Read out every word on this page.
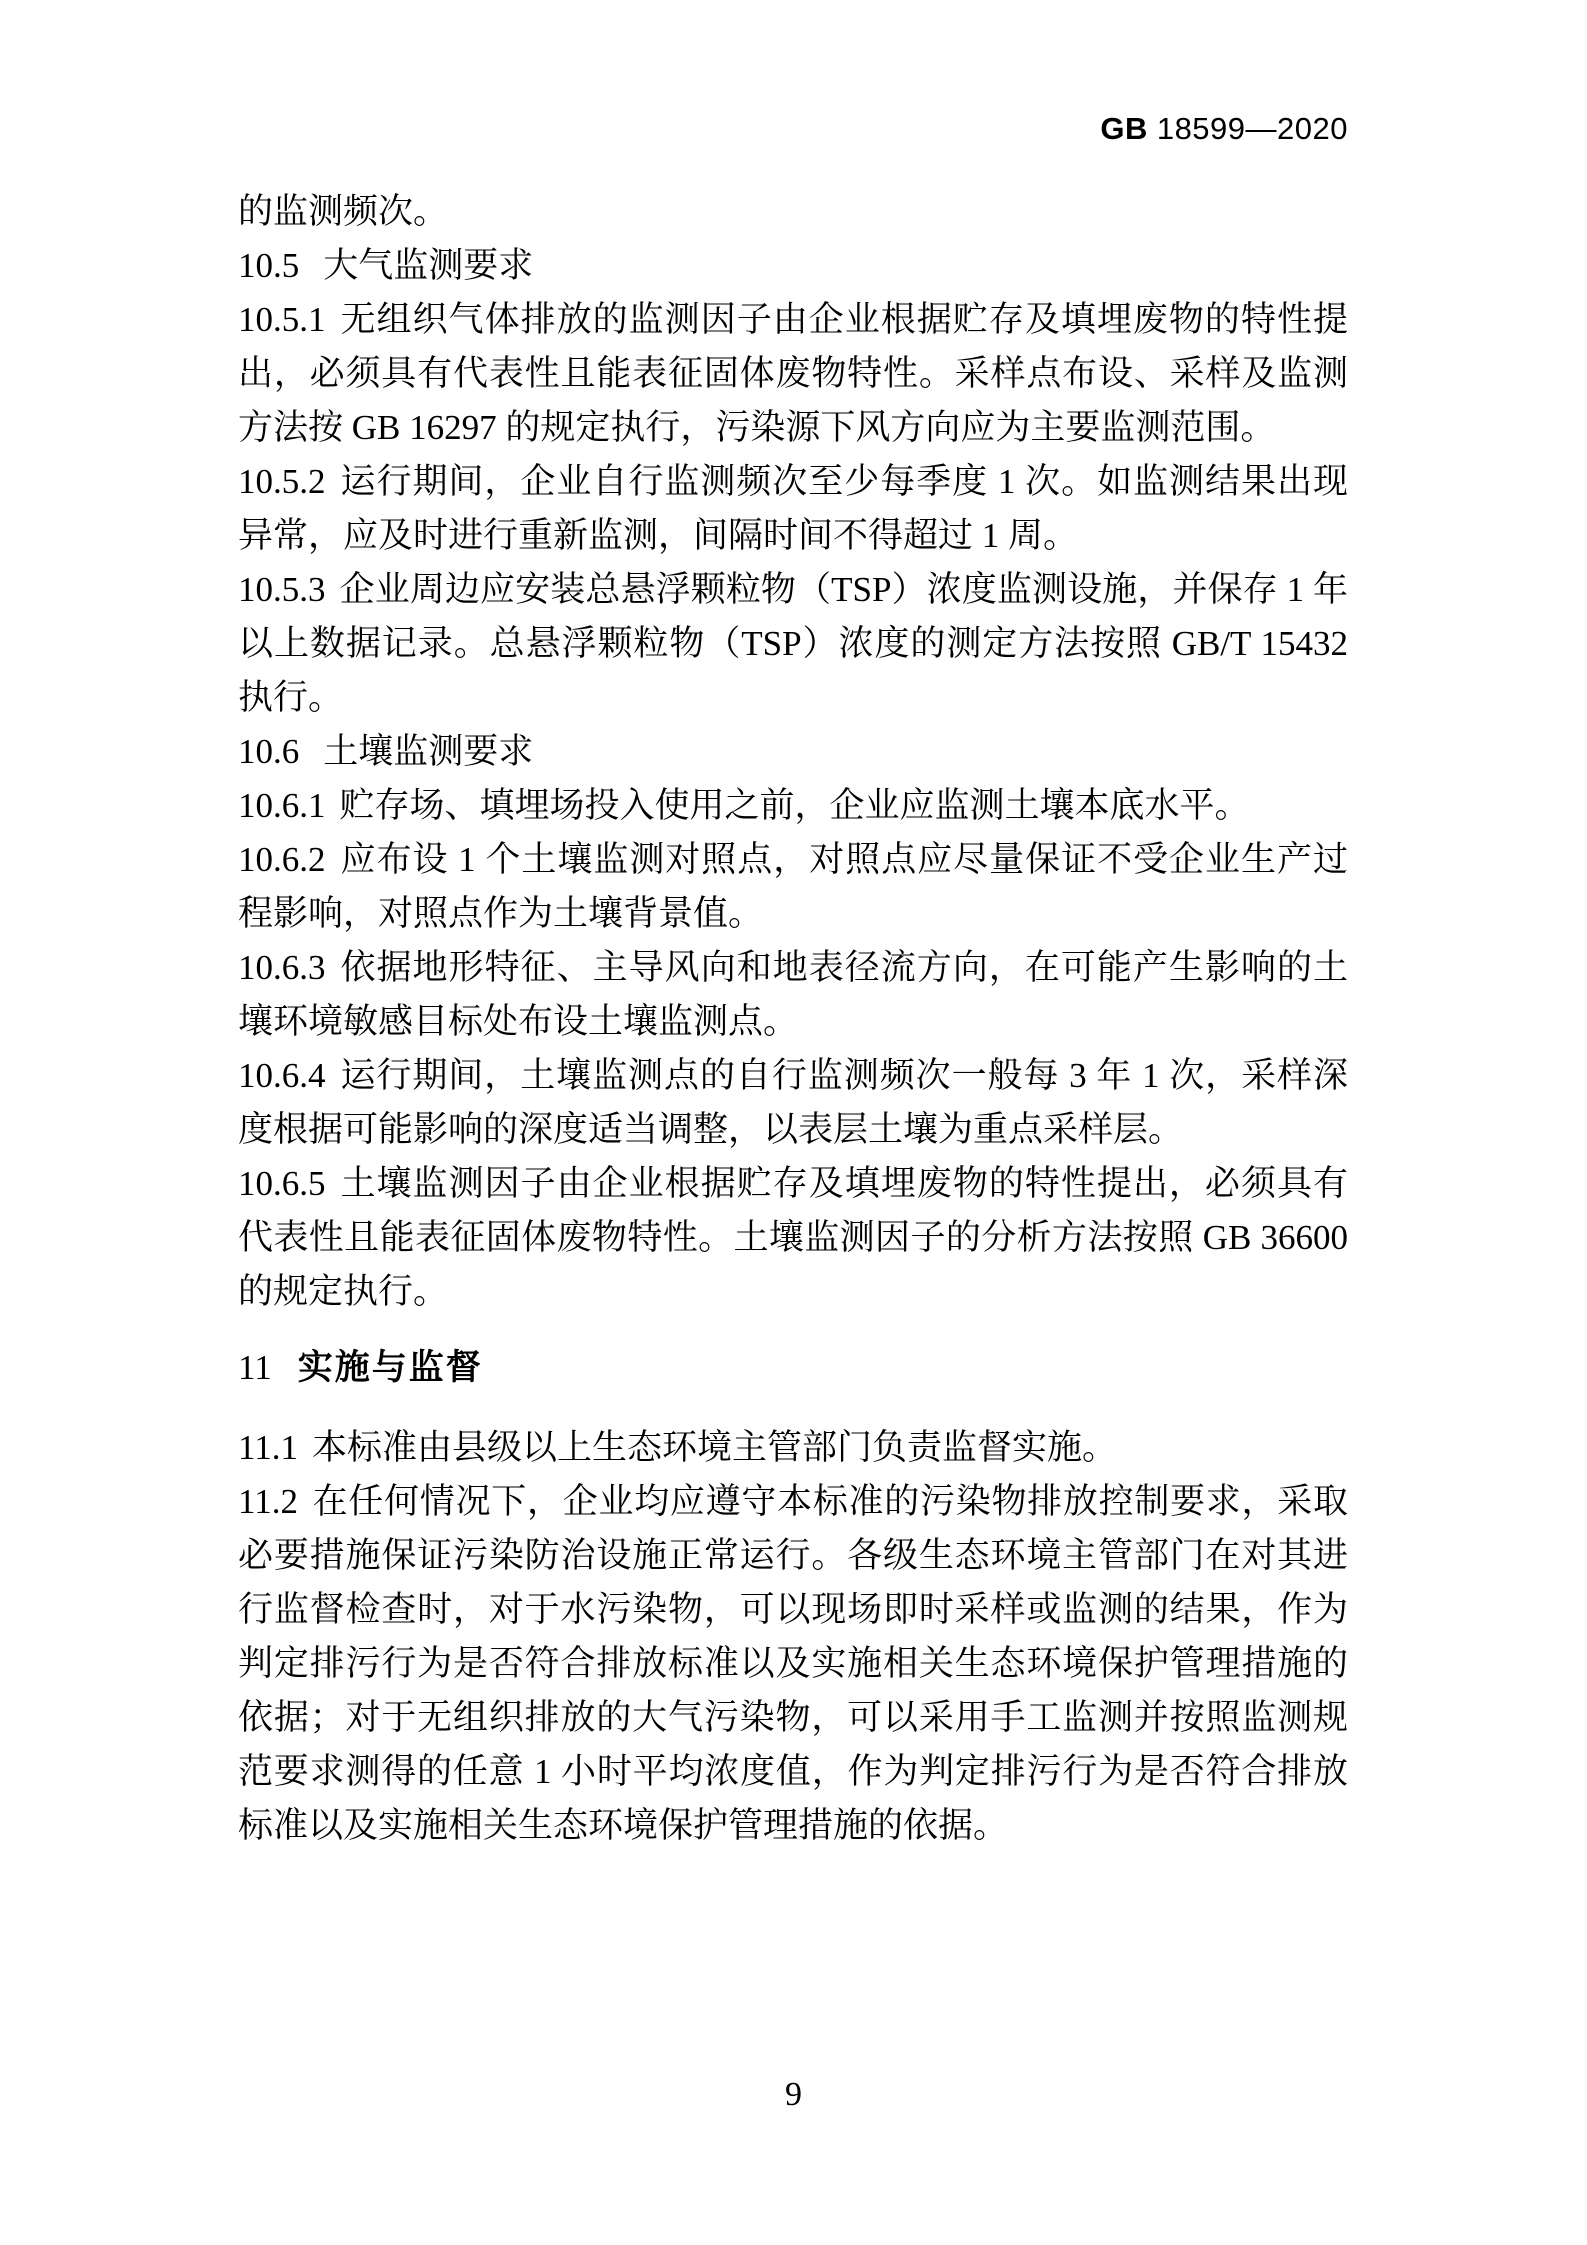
GB 18599—2020

的监测频次。

10.5 大气监测要求

10.5.1 无组织气体排放的监测因子由企业根据贮存及填埋废物的特性提出，必须具有代表性且能表征固体废物特性。采样点布设、采样及监测方法按 GB 16297 的规定执行，污染源下风方向应为主要监测范围。

10.5.2 运行期间，企业自行监测频次至少每季度 1 次。如监测结果出现异常，应及时进行重新监测，间隔时间不得超过 1 周。

10.5.3 企业周边应安装总悬浮颗粒物（TSP）浓度监测设施，并保存 1 年以上数据记录。总悬浮颗粒物（TSP）浓度的测定方法按照 GB/T 15432 执行。

10.6 土壤监测要求

10.6.1 贮存场、填埋场投入使用之前，企业应监测土壤本底水平。

10.6.2 应布设 1 个土壤监测对照点，对照点应尽量保证不受企业生产过程影响，对照点作为土壤背景值。

10.6.3 依据地形特征、主导风向和地表径流方向，在可能产生影响的土壤环境敏感目标处布设土壤监测点。

10.6.4 运行期间，土壤监测点的自行监测频次一般每 3 年 1 次，采样深度根据可能影响的深度适当调整，以表层土壤为重点采样层。

10.6.5 土壤监测因子由企业根据贮存及填埋废物的特性提出，必须具有代表性且能表征固体废物特性。土壤监测因子的分析方法按照 GB 36600 的规定执行。

11 实施与监督

11.1 本标准由县级以上生态环境主管部门负责监督实施。

11.2 在任何情况下，企业均应遵守本标准的污染物排放控制要求，采取必要措施保证污染防治设施正常运行。各级生态环境主管部门在对其进行监督检查时，对于水污染物，可以现场即时采样或监测的结果，作为判定排污行为是否符合排放标准以及实施相关生态环境保护管理措施的依据；对于无组织排放的大气污染物，可以采用手工监测并按照监测规范要求测得的任意 1 小时平均浓度值，作为判定排污行为是否符合排放标准以及实施相关生态环境保护管理措施的依据。

9
